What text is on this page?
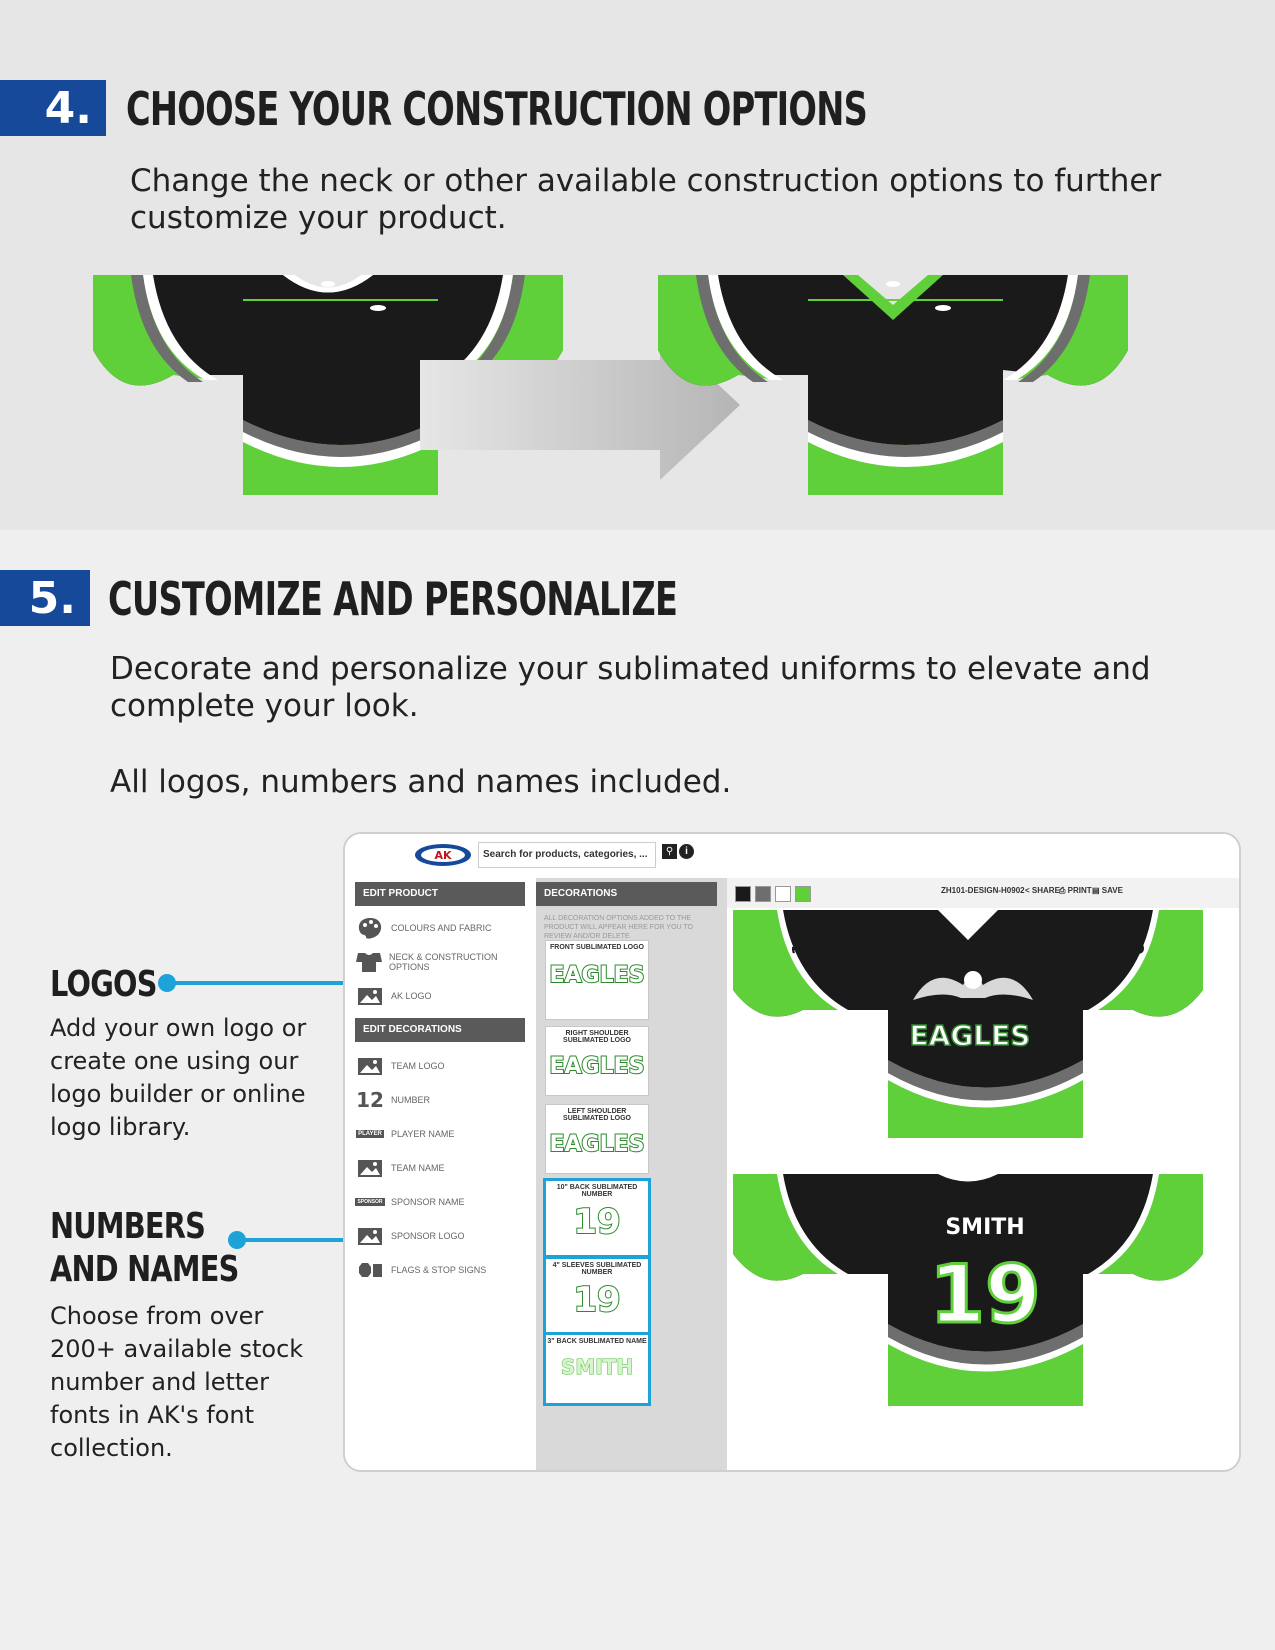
4. CHOOSE YOUR CONSTRUCTION OPTIONS
Change the neck or other available construction options to further customize your product.
5. CUSTOMIZE AND PERSONALIZE
Decorate and personalize your sublimated uniforms to elevate and complete your look.
All logos, numbers and names included.
LOGOS
Add your own logo or create one using our logo builder or online logo library.
NUMBERS
AND NAMES
Choose from over 200+ available stock number and letter fonts in AK's font collection.
AK	Search for products, categories, ...	⚲	i
EDIT PRODUCT
COLOURS AND FABRIC
NECK & CONSTRUCTION OPTIONS
AK LOGO
EDIT DECORATIONS
TEAM LOGO
12 NUMBER
PLAYER PLAYER NAME
TEAM NAME
SPONSOR SPONSOR NAME
SPONSOR LOGO
FLAGS & STOP SIGNS
DECORATIONS
ALL DECORATION OPTIONS ADDED TO THE PRODUCT WILL APPEAR HERE FOR YOU TO REVIEW AND/OR DELETE
FRONT SUBLIMATED LOGO
EAGLES
RIGHT SHOULDER SUBLIMATED LOGO
EAGLES
LEFT SHOULDER SUBLIMATED LOGO
EAGLES
10" BACK SUBLIMATED NUMBER
19
4" SLEEVES SUBLIMATED NUMBER
19
3" BACK SUBLIMATED NAME
SMITH
ZH101-DESIGN-H0902 < SHARE ⎙ PRINT ▤ SAVE
EAGLES
19	19
SMITH
19
